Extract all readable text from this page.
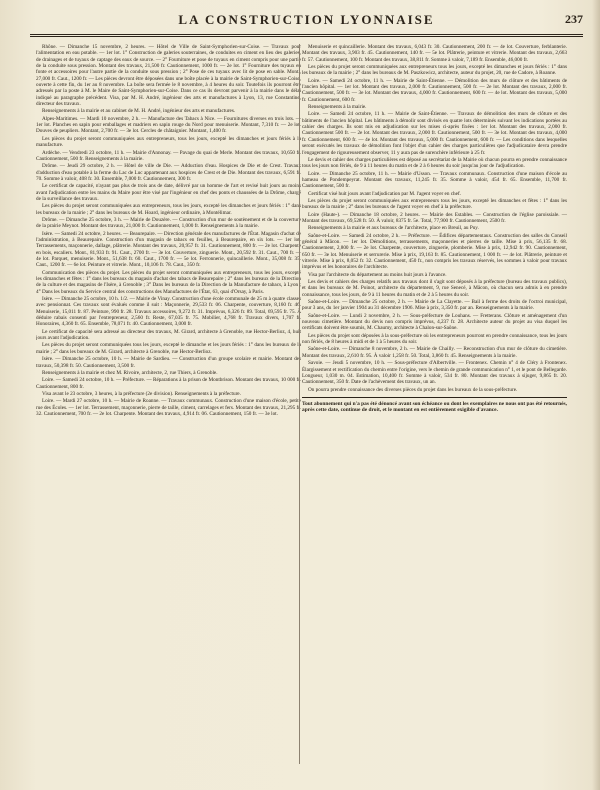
LA CONSTRUCTION LYONNAISE	237

Rhône. — Dimanche 15 novembre, 2 heures. — Hôtel de Ville de Saint-Symphorien-sur-Coise. — Travaux pour l'alimentation en eau potable. — 1er lot. 1° Construction de galeries souterraines, de conduites en ciment en lieu des galeries, de drainages et de tuyaux de captage des eaux de source. — 2° Fourniture et pose de tuyaux en ciment compris pour une partie de la conduite sous pression. Montant des travaux, 21,500 fr. Cautionnement, 1000 fr. — 2e lot. 1° Fourniture des tuyaux en fonte et accessoires pour l'autre partie de la conduite sous pression ; 2° Pose de ces tuyaux avec lit de pose en sable. Mont., 27,000 fr. Caut., 1200 fr. — Les pièces devront être déposées dans une boîte placée à la mairie de Saint-Symphorien-sur-Coise, ouverte à cette fin, du 1er au 8 novembre. La boîte sera fermée le 8 novembre, à 4 heures du soir. Toutefois ils pourront être adressés par la poste à M. le Maire de Saint-Symphorien-sur-Coise. Dans ce cas ils devront parvenir à la mairie dans le délai indiqué au paragraphe précédent. Visa, par M. H. André, ingénieur des arts et manufactures à Lyon, 13, rue Constantine, directeur des travaux.

Renseignements à la mairie et au cabinet de M. H. André, ingénieur des arts et manufactures.

Alpes-Maritimes. — Mardi 10 novembre, 2 h. — Manufacture des Tabacs à Nice. — Fournitures diverses en trois lots. — 1er lot. Planches en sapin pour emballages et madriers en sapin rouge du Nord pour menuiserie. Montant, 7,310 fr. — 2e lot. Douves de peupliers. Montant, 2,700 fr. — 3e lot. Cercles de châtaignier. Montant, 1,400 fr.

Les pièces du projet seront communiquées aux entrepreneurs, tous les jours, excepté les dimanches et jours fériés à la manufacture.

Ardèche. — Vendredi 23 octobre, 11 h. — Mairie d'Annonay. — Pavage du quai de Merle. Montant des travaux, 10,650 fr. Cautionnement, 500 fr. Renseignements à la mairie.

Drôme. — Jeudi 29 octobre, 2 h. — Hôtel de ville de Die. — Adduction d'eau. Hospices de Die et de Crest. Travaux d'adduction d'eau potable à la ferme du Lac de Luc appartenant aux hospices de Crest et de Die. Montant des travaux, 6,591 fr. 70. Somme à valoir, 408 fr. 30. Ensemble, 7,000 fr. Cautionnement, 300 fr.

Le certificat de capacité, n'ayant pas plus de trois ans de date, délivré par un homme de l'art et revisé huit jours au moins avant l'adjudication entre les mains du Maire pour être visé par l'ingénieur en chef des ponts et chaussées de la Drôme, chargé de la surveillance des travaux.

Les pièces du projet seront communiquées aux entrepreneurs, tous les jours, excepté les dimanches et jours fériés : 1° dans les bureaux de la mairie ; 2° dans les bureaux de M. Hoard, ingénieur ordinaire, à Montélimar.

Drôme. — Dimanche 25 octobre, 3 h. — Mairie de Douzère. — Construction d'un mur de soutènement et de la couverture de la prairie Meynot. Montant des travaux, 21,000 fr. Cautionnement, 1,000 fr. Renseignements à la mairie.

Isère. — Samedi 24 octobre, 2 heures. — Beaurepaire. — Direction générale des manufactures de l'État. Magasin d'achat de l'administration, à Beaurepaire. Construction d'un magasin de tabacs en feuilles, à Beaurepaire, en six lots. — 1er lot. Terrassements, maçonnerie, dallage, plâtrerie. Montant des travaux, 20,957 fr. 31. Cautionnement, 800 fr. — 2e lot. Charpente en bois, escaliers. Mont., 81,933 fr. 91. Caut., 2700 fr. — 3e lot. Couverture, zinguerie. Mont., 20,592 fr. 31. Caut., 700 fr. — 4e lot. Parquet, menuiserie. Mont., 51,638 fr. 60. Caut., 1700 fr. — 5e lot. Ferronnerie, quincaillerie. Mont., 35,008 fr. 35. Caut., 1200 fr. — 6e lot. Peinture et vitrerie. Mont., 10,106 fr. 78. Caut., 350 fr.

Communication des pièces du projet. Les pièces du projet seront communiquées aux entrepreneurs, tous les jours, excepté les dimanches et fêtes : 1° dans les bureaux du magasin d'achat des tabacs de Beaurepaire ; 2° dans les bureaux de la Direction de la culture et des magasins de l'Isère, à Grenoble ; 3° Dans les bureaux de la Direction de la Manufacture de tabacs, à Lyon ; 4° Dans les bureaux du Service central des constructions des Manufactures de l'État, 63, quai d'Orsay, à Paris.

Isère. — Dimanche 25 octobre, 10 h. 1/2. — Mairie de Vinay. Construction d'une école communale de 25 m à quatre classes avec pensionnat. Ces travaux sont évalués comme il suit : Maçonnerie, 29,533 fr. 06. Charpente, couverture, 8,160 fr. 46. Menuiserie, 15,011 fr. 87. Peinture, 990 fr. 28. Travaux accessoires, 9,272 fr. 31. Imprévus, 6,326 fr. 89. Total, 69,595 fr. 75. À déduire rabais consenti par l'entrepreneur, 2,560 fr. Reste, 67,035 fr. 75. Mobilier, 4,768 fr. Travaux divers, 1,707 fr. Honoraires, 4,360 fr. 65. Ensemble, 78,071 fr. 40. Cautionnement, 3,000 fr.

Le certificat de capacité sera adressé au directeur des travaux, M. Girard, architecte à Grenoble, rue Hector-Berlioz, 4, huit jours avant l'adjudication.

Les pièces du projet seront communiquées tous les jours, excepté le dimanche et les jours fériés : 1° dans les bureaux de la mairie ; 2° dans les bureaux de M. Girard, architecte à Grenoble, rue Hector-Berlioz.

Isère. — Dimanche 25 octobre, 10 h. — Mairie de Sardieu. — Construction d'un groupe scolaire et mairie. Montant des travaux, 50,398 fr. 50. Cautionnement, 3,500 fr.

Renseignements à la mairie et chez M. Rivoire, architecte, 2, rue Thiers, à Grenoble.

Loire. — Samedi 24 octobre, 10 h. — Préfecture. — Réparations à la prison de Montbrison. Montant des travaux, 10 000 fr. Cautionnement, 800 fr.

Visa avant le 23 octobre, 3 heures, à la préfecture (2e division). Renseignements à la préfecture.

Loire. — Mardi 27 octobre, 10 h. — Mairie de Roanne. — Travaux communaux. Construction d'une maison d'école, petite rue des Écoles. — 1er lot. Terrassement, maçonnerie, pierre de taille, ciment, carrelages et fers. Montant des travaux, 21,295 fr. 32. Cautionnement, 700 fr. — 2e lot. Charpente. Montant des travaux, 4,914 fr. 06. Cautionnement, 150 fr. — 3e lot.

Menuiserie et quincaillerie. Montant des travaux, 6,043 fr. 30. Cautionnement, 200 fr. — 4e lot. Couverture, ferblanterie. Montant des travaux, 3,903 fr. 45. Cautionnement, 140 fr. — 5e lot. Plâtrerie, peinture et vitrerie. Montant des travaux, 2,663 fr. 57. Cautionnement, 100 fr. Montant des travaux, 38,811 fr. Somme à valoir, 7,189 fr. Ensemble, 46,000 fr.

Les pièces du projet seront communiquées aux entrepreneurs tous les jours, excepté les dimanches et jours fériés : 1° dans les bureaux de la mairie ; 2° dans les bureaux de M. Paszkowicz, architecte, auteur du projet, 20, rue de Cadore, à Roanne.

Loire. — Samedi 24 octobre, 11 h. — Mairie de Saint-Étienne. — Démolition des murs de clôture et des bâtiments de l'ancien hôpital. — 1er lot. Montant des travaux, 2,000 fr. Cautionnement, 500 fr. — 2e lot. Montant des travaux, 2,000 fr. Cautionnement, 500 fr. — 3e lot. Montant des travaux, 4,000 fr. Cautionnement, 600 fr. — 4e lot. Montant des travaux, 5,000 fr. Cautionnement, 600 fr.

Renseignements à la mairie.

Loire. — Samedi 24 octobre, 11 h. — Mairie de Saint-Étienne. — Travaux de démolition des murs de clôture et des bâtiments de l'ancien hôpital. Les bâtiments à démolir sont divisés en quatre lots déterminés suivant les indications portées au cahier des charges. Ils sont mis en adjudication sur les mises ci-après fixées : 1er lot. Montant des travaux, 2,000 fr. Cautionnement 500 fr. — 2e lot. Montant des travaux, 2,000 fr. Cautionnement, 500 fr. — 3e lot. Montant des travaux, 4,000 fr. Cautionnement, 600 fr. — 4e lot. Montant des travaux, 5,000 fr. Cautionnement, 600 fr. — Les conditions dans lesquelles seront exécutés les travaux de démolition font l'objet d'un cahier des charges particulières que l'adjudicataire devra prendre l'engagement de rigoureusement observer, 11 y aura pas de surenchère inférieure à 25 fr.

Le devis et cahier des charges particulières est déposé au secrétariat de la Mairie où chacun pourra en prendre connaissance tous les jours non fériés, de 9 à 11 heures du matin et de 2 à 6 heures du soir jusqu'au jour de l'adjudication.

Loire. — Dimanche 25 octobre, 11 h. — Mairie d'Usson. — Travaux communaux. Construction d'une maison d'école au hameau de Pondempeyrat. Montant des travaux, 11,245 fr. 35. Somme à valoir, 454 fr. 65. Ensemble, 11,700 fr. Cautionnement, 500 fr.

Certificat visé huit jours avant l'adjudication par M. l'agent voyer en chef.

Les pièces du projet seront communiquées aux entrepreneurs tous les jours, excepté les dimanches et fêtes : 1° dans les bureaux de la mairie ; 2° dans les bureaux de l'agent voyer en chef à la préfecture.

Loire (Haute-). — Dimanche 18 octobre, 2 heures. — Mairie des Estables. — Construction de l'église paroissiale. — Montant des travaux, 69,528 fr. 50. À valoir, 8375 fr. 5e. Total, 77,900 fr. Cautionnement, 2500 fr.

Renseignements à la mairie et aux bureaux de l'architecte, place en Breuil, au Puy.

Saône-et-Loire. — Samedi 24 octobre, 2 h. — Préfecture. — Édifices départementaux. Construction des salles du Conseil général à Mâcon. — 1er lot. Démolitions, terrassements, maçonneries et pierres de taille. Mise à prix, 56,135 fr. 68. Cautionnement, 2,800 fr. — 2e lot. Charpente, couverture, zinguerie, plomberie. Mise à prix, 12,942 fr. 90. Cautionnement, 650 fr. — 3e lot. Menuiserie et serrurerie. Mise à prix, 19,163 fr. 85. Cautionnement, 1 000 fr. — 4e lot. Plâtrerie, peinture et vitrerie. Mise à prix, 8,052 fr. 32. Cautionnement, 450 fr., non compris les travaux réservés, les sommes à valoir pour travaux imprévus et les honoraires de l'architecte.

Visa par l'architecte du département au moins huit jours à l'avance.

Les devis et cahiers des charges relatifs aux travaux dont il s'agit sont déposés à la préfecture (bureau des travaux publics), et dans les bureaux de M. Poinot, architecte du département, 9, rue Senecé, à Mâcon, où chacun sera admis à en prendre connaissance, tous les jours, de 9 à 11 heures du matin et de 2 à 5 heures du soir.

Saône-et-Loire. — Dimanche 25 octobre, 2 h. — Mairie de La Clayette. — Bail à ferme des droits de l'octroi municipal, pour 3 ans, du 1er janvier 1904 au 31 décembre 1906. Mise à prix, 3,350 fr. par an. Renseignements à la mairie.

Saône-et-Loire. — Lundi 2 novembre, 2 h. — Sous-préfecture de Louhans. — Fretterans. Clôture et aménagement d'un nouveau cimetière. Montant du devis non compris imprévus, 4,237 fr. 28. Architecte auteur du projet au visa duquel les certificats doivent être soumis, M. Chaumy, architecte à Chalon-sur-Saône.

Les pièces du projet sont déposées à la sous-préfecture où les entrepreneurs pourront en prendre connaissance, tous les jours non fériés, de 8 heures à midi et de 1 à 5 heures du soir.

Saône-et-Loire. — Dimanche 8 novembre, 2 h. — Mairie de Chailly. — Reconstruction d'un mur de clôture du cimetière. Montant des travaux, 2,610 fr. 95. À valoir 1,258 fr. 50. Total, 3,860 fr. 45. Renseignements à la mairie.

Savoie. — Jeudi 5 novembre, 10 h. — Sous-préfecture d'Albertville. — Frontenex. Chemin n° 4 de Cléry à Frontenex. Élargissement et rectification du chemin entre l'origine, vers le chemin de grande communication n° 1, et le pont de Bellegarde. Longueur, 1,030 m. 04. Estimation, 10,400 fr. Somme à valoir, 534 fr. 80. Montant des travaux à sijuger, 9,865 fr. 20. Cautionnement, 350 fr. Date de l'achèvement des travaux, un an.

On pourra prendre connaissance des diverses pièces du projet dans les bureaux de la sous-préfecture.

Tout abonnement qui n'a pas été dénoncé avant son échéance ou dont les exemplaires ne nous ont pas été retournés, après cette date, continue de droit, et le montant en est entièrement exigible d'avance.
